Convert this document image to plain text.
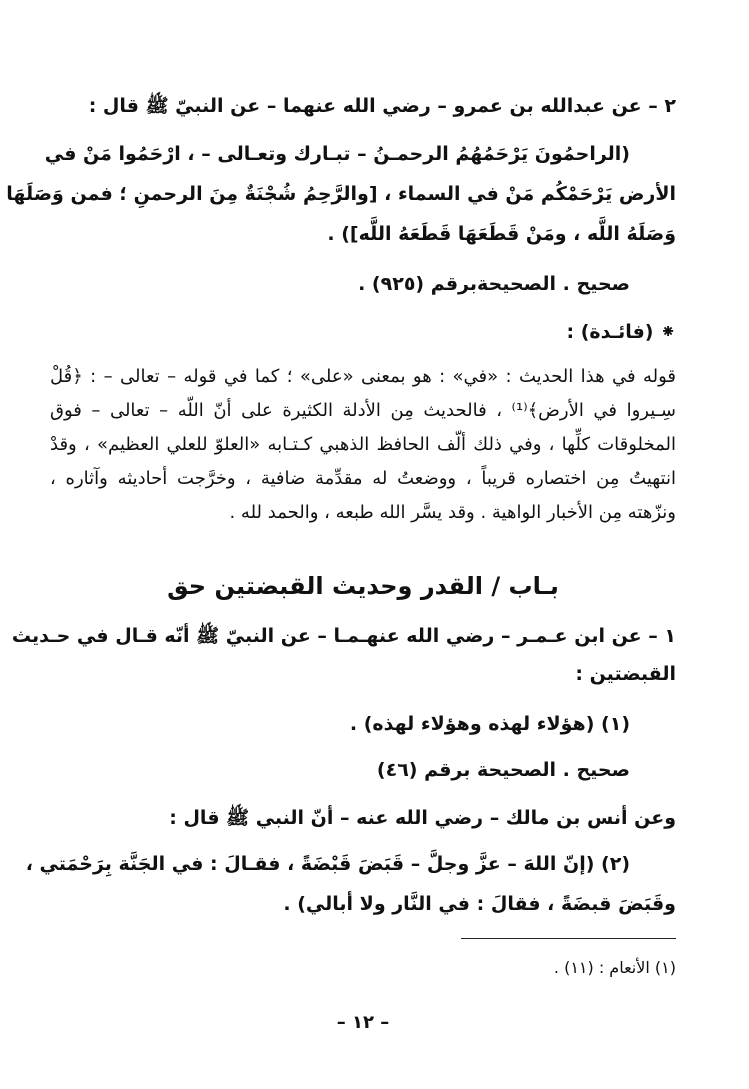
٢ – عن عبدالله بن عمرو – رضي الله عنهما – عن النبيّ ﷺ قال :
(الراحمُونَ يَرْحَمُهُمُ الرحمـنُ – تبـارك وتعـالى – ، ارْحَمُوا مَنْ في
الأرض يَرْحَمْكُم مَنْ في السماء ، [والرَّحِمُ شُجْنَةٌ مِنَ الرحمنِ ؛ فمن وَصَلَهَا
وَصَلَهُ اللَّه ، ومَنْ قَطَعَهَا قَطَعَهُ اللَّه]) .
صحيح . الصحيحةبرقم (٩٢٥) .
⁕ (فائـدة) :
قوله في هذا الحديث : «في» : هو بمعنى «على» ؛ كما في قوله – تعالى – : ﴿قُلْ سِـيروا في الأرض﴾⁽¹⁾ ، فالحديث مِن الأدلة الكثيرة على أنّ اللّه – تعالى – فوق المخلوقات كلِّها ، وفي ذلك ألّف الحافظ الذهبي كـتـابه «العلوّ للعلي العظيم» ، وقدْ انتهيتُ مِن اختصاره قريباً ، ووضعتُ له مقدِّمة ضافية ، وخرَّجت أحاديثه وآثاره ، ونزّهته مِن الأخبار الواهية . وقد يسَّر الله طبعه ، والحمد لله .
بـاب / القدر وحديث القبضتين حق
١ – عن ابن عـمـر – رضي الله عنهـمـا – عن النبيّ ﷺ أنّه قـال في حـديث
القبضتين :
(١) (هؤلاء لهذه وهؤلاء لهذه) .
صحيح . الصحيحة برقم (٤٦)
وعن أنس بن مالك – رضي الله عنه – أنّ النبي ﷺ قال :
(٢) (إنّ اللهَ – عزَّ وجلَّ – قَبَضَ قَبْضَةً ، فقـالَ : في الجَنَّة بِرَحْمَتي ،
وقَبَضَ قبضَةً ، فقالَ : في النَّار ولا أبالي) .
(١) الأنعام : (١١) .
– ١٢ –
